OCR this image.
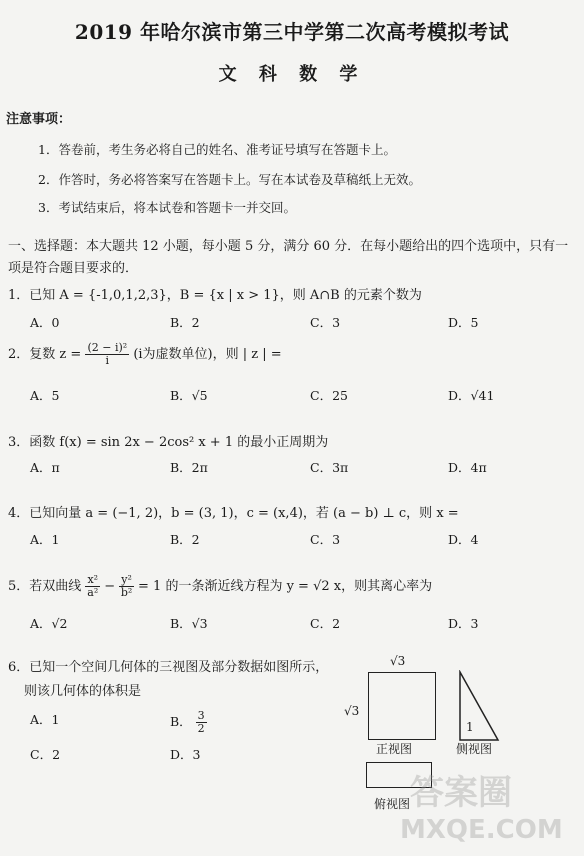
2019 年哈尔滨市第三中学第二次高考模拟考试
文 科 数 学
注意事项：
1．答卷前，考生务必将自己的姓名、准考证号填写在答题卡上。
2．作答时，务必将答案写在答题卡上。写在本试卷及草稿纸上无效。
3．考试结束后，将本试卷和答题卡一并交回。
一、选择题：本大题共 12 小题，每小题 5 分，满分 60 分．在每小题给出的四个选项中，只有一项是符合题目要求的．
1．已知 A = {-1,0,1,2,3}，B = {x | x > 1}，则 A∩B 的元素个数为
A．0	B．2	C．3	D．5
2．复数 $z = \frac{\text{(2 − i)²}}{i} (i$为虚数单位)，则 | z | =
A．5	B．√5	C．25	D．√41
3．函数 f(x) = sin 2x − 2cos² x + 1 的最小正周期为
A．π	B．2π	C．3π	D．4π
4．已知向量 a = (−1, 2)，b = (3, 1)，c = (x,4)，若 (a − b) ⊥ c，则 x =
A．1	B．2	C．3	D．4
5．若双曲线 $\frac{\text{x²}}{\text{a²}} - \frac{\text{y²}}{\text{b²}} = 1$ 的一条渐近线方程为 y = √2 x，则其离心率为
A．√2	B．√3	C．2	D．3
6．已知一个空间几何体的三视图及部分数据如图所示，
则该几何体的体积是
A．1	B． $\frac{3}{2}$
C．2	D．3
√3
√3
1
正视图	侧视图
俯视图 答案圈
MXQE.COM
